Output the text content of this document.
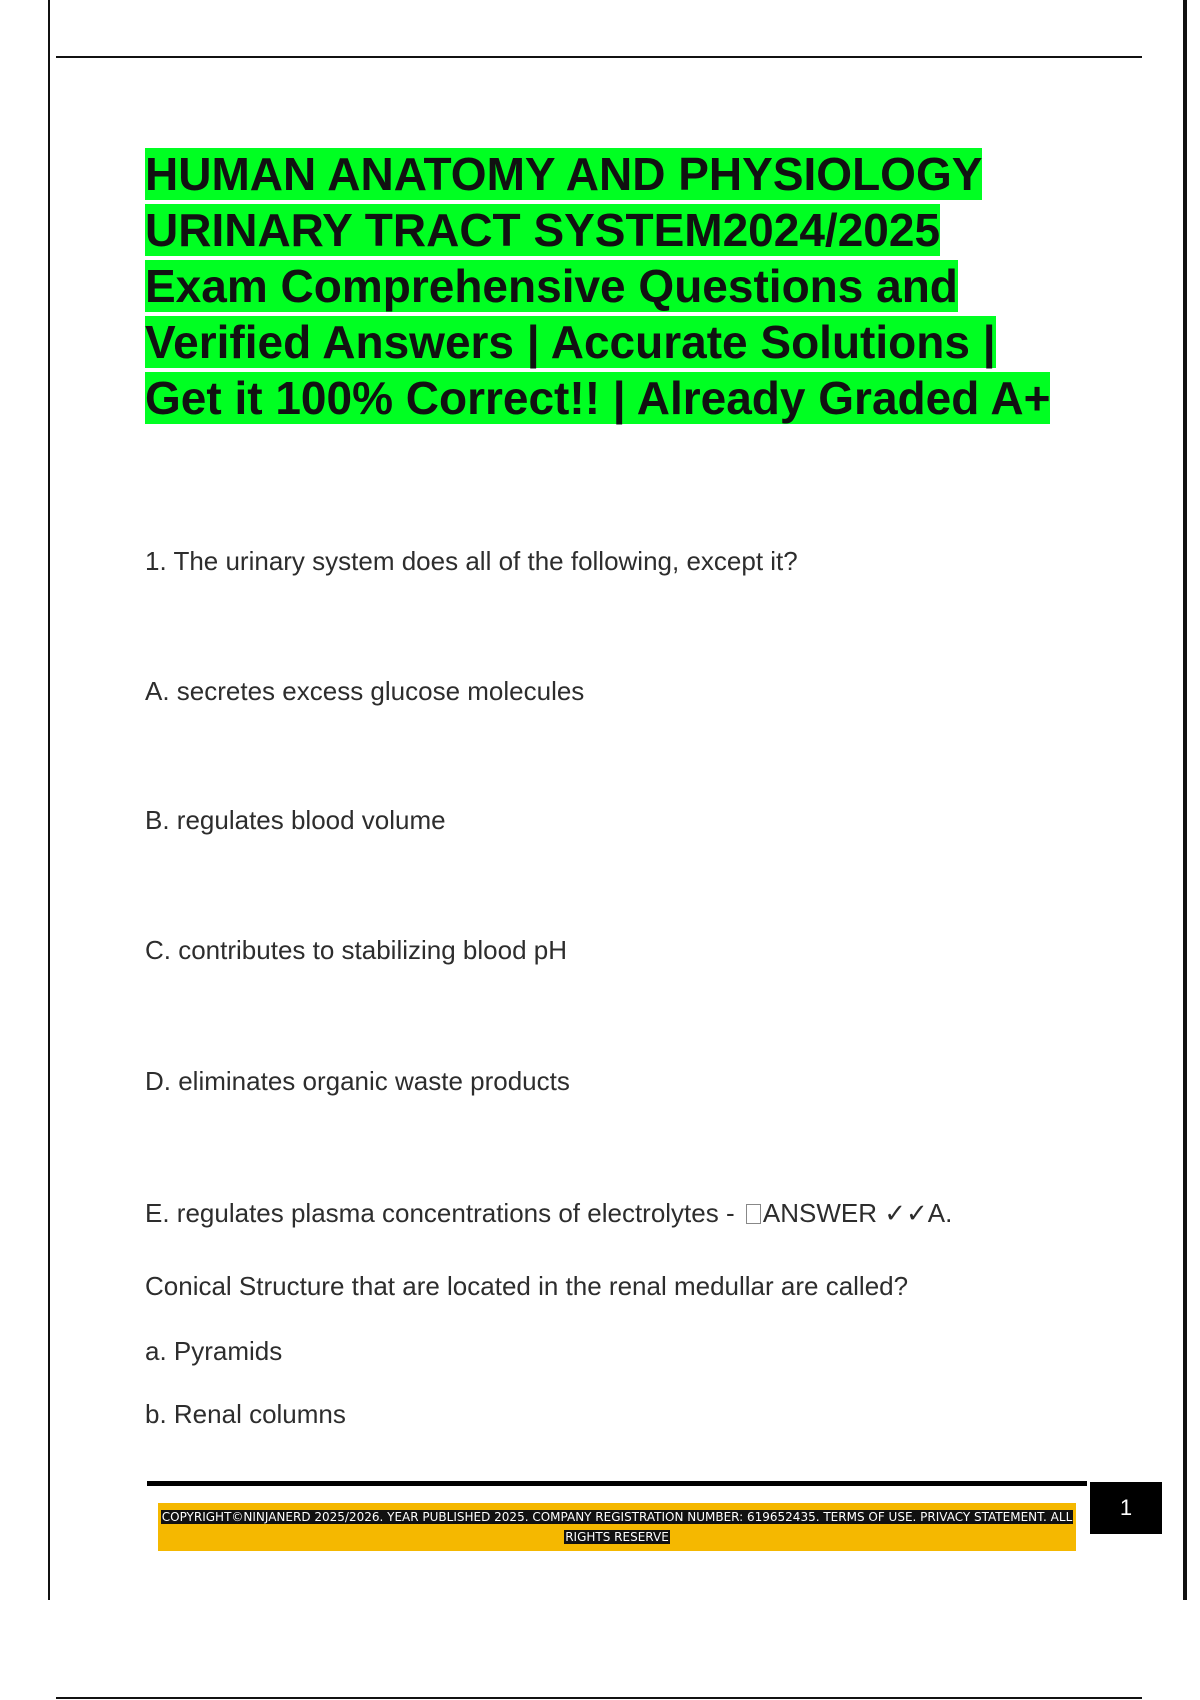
HUMAN ANATOMY AND PHYSIOLOGY URINARY TRACT SYSTEM2024/2025 Exam Comprehensive Questions and Verified Answers | Accurate Solutions | Get it 100% Correct!! | Already Graded A+
1. The urinary system does all of the following, except it?
A. secretes excess glucose molecules
B. regulates blood volume
C. contributes to stabilizing blood pH
D. eliminates organic waste products
E. regulates plasma concentrations of electrolytes - ANSWER ✓✓A.
Conical Structure that are located in the renal medullar are called?
a. Pyramids
b. Renal columns
COPYRIGHT©NINJANERD 2025/2026. YEAR PUBLISHED 2025. COMPANY REGISTRATION NUMBER: 619652435. TERMS OF USE. PRIVACY STATEMENT. ALL RIGHTS RESERVE
1
